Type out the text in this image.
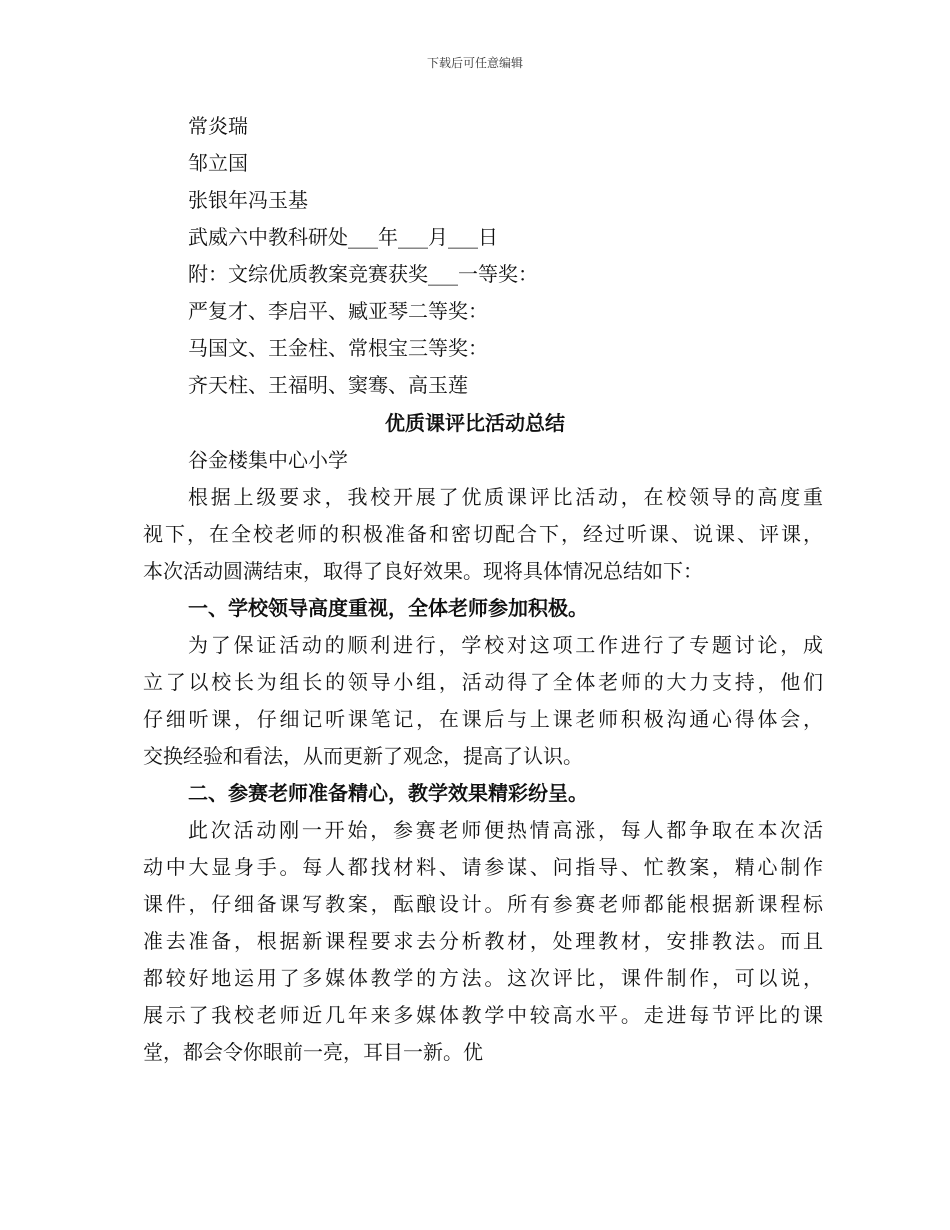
下载后可任意编辑
常炎瑞
邹立国
张银年冯玉基
武威六中教科研处___年___月___日
附：文综优质教案竞赛获奖___一等奖：
严复才、李启平、臧亚琴二等奖：
马国文、王金柱、常根宝三等奖：
齐天柱、王福明、窦骞、高玉莲
优质课评比活动总结
谷金楼集中心小学
根据上级要求，我校开展了优质课评比活动，在校领导的高度重
视下，在全校老师的积极准备和密切配合下，经过听课、说课、评课，
本次活动圆满结束，取得了良好效果。现将具体情况总结如下：
一、学校领导高度重视，全体老师参加积极。
为了保证活动的顺利进行，学校对这项工作进行了专题讨论，成
立了以校长为组长的领导小组，活动得了全体老师的大力支持，他们
仔细听课，仔细记听课笔记，在课后与上课老师积极沟通心得体会，
交换经验和看法，从而更新了观念，提高了认识。
二、参赛老师准备精心，教学效果精彩纷呈。
此次活动刚一开始，参赛老师便热情高涨，每人都争取在本次活
动中大显身手。每人都找材料、请参谋、问指导、忙教案，精心制作
课件，仔细备课写教案，酝酿设计。所有参赛老师都能根据新课程标
准去准备，根据新课程要求去分析教材，处理教材，安排教法。而且
都较好地运用了多媒体教学的方法。这次评比，课件制作，可以说，
展示了我校老师近几年来多媒体教学中较高水平。走进每节评比的课
堂，都会令你眼前一亮，耳目一新。优
